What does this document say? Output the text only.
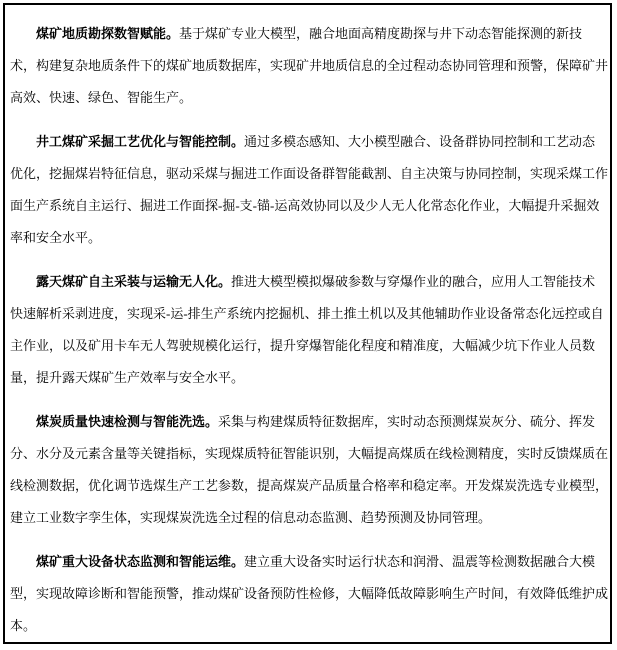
煤矿地质勘探数智赋能。基于煤矿专业大模型，融合地面高精度勘探与井下动态智能探测的新技术，构建复杂地质条件下的煤矿地质数据库，实现矿井地质信息的全过程动态协同管理和预警，保障矿井高效、快速、绿色、智能生产。

井工煤矿采掘工艺优化与智能控制。通过多模态感知、大小模型融合、设备群协同控制和工艺动态优化，挖掘煤岩特征信息，驱动采煤与掘进工作面设备群智能截割、自主决策与协同控制，实现采煤工作面生产系统自主运行、掘进工作面探-掘-支-锚-运高效协同以及少人无人化常态化作业，大幅提升采掘效率和安全水平。

露天煤矿自主采装与运输无人化。推进大模型模拟爆破参数与穿爆作业的融合，应用人工智能技术快速解析采剥进度，实现采-运-排生产系统内挖掘机、排土推土机以及其他辅助作业设备常态化远控或自主作业，以及矿用卡车无人驾驶规模化运行，提升穿爆智能化程度和精准度，大幅减少坑下作业人员数量，提升露天煤矿生产效率与安全水平。

煤炭质量快速检测与智能洗选。采集与构建煤质特征数据库，实时动态预测煤炭灰分、硫分、挥发分、水分及元素含量等关键指标，实现煤质特征智能识别，大幅提高煤质在线检测精度，实时反馈煤质在线检测数据，优化调节选煤生产工艺参数，提高煤炭产品质量合格率和稳定率。开发煤炭洗选专业模型，建立工业数字孪生体，实现煤炭洗选全过程的信息动态监测、趋势预测及协同管理。

煤矿重大设备状态监测和智能运维。建立重大设备实时运行状态和润滑、温震等检测数据融合大模型，实现故障诊断和智能预警，推动煤矿设备预防性检修，大幅降低故障影响生产时间，有效降低维护成本。
